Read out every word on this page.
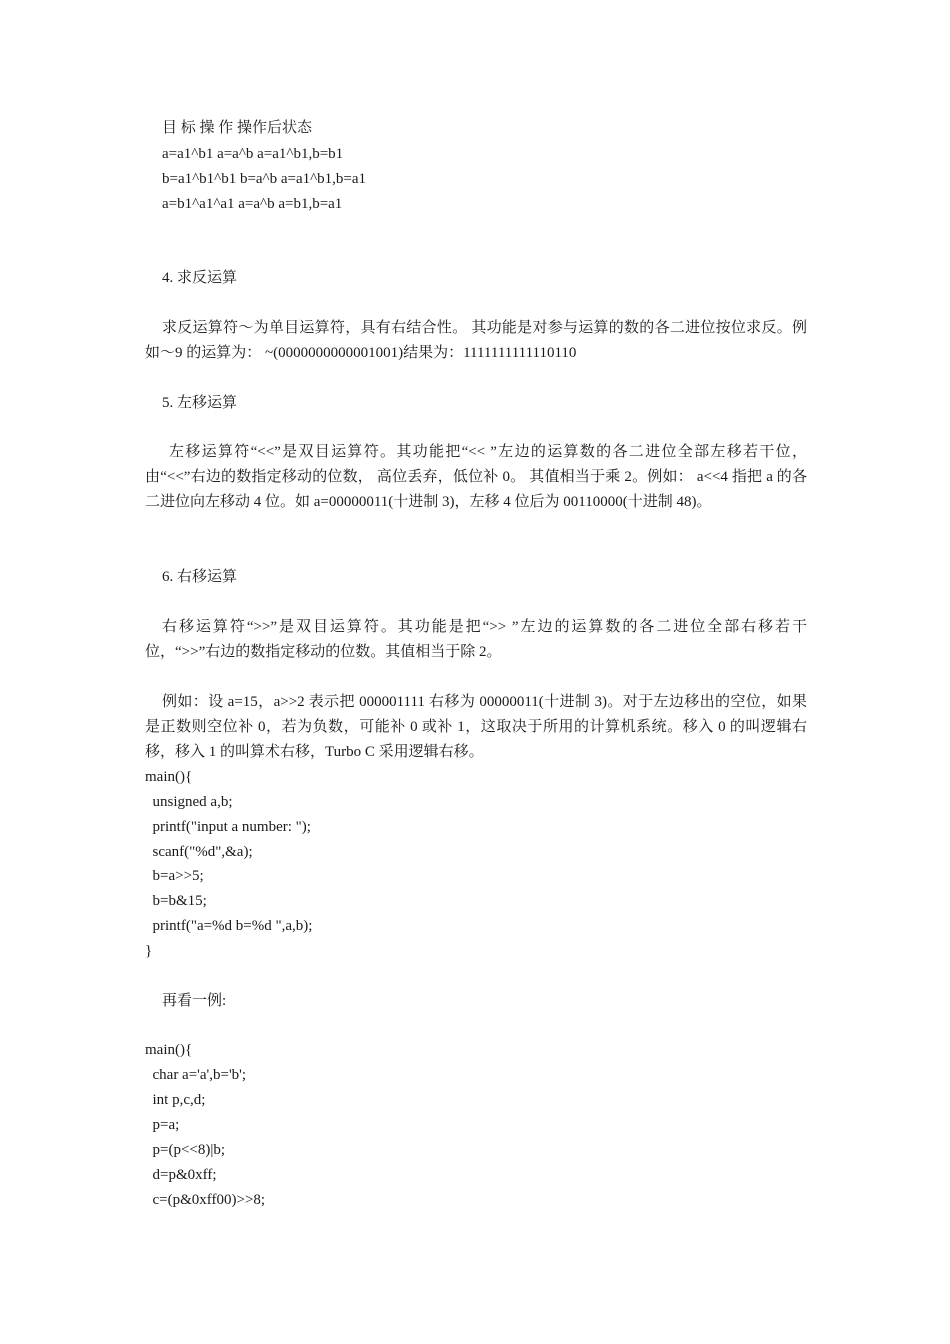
目 标 操 作 操作后状态
a=a1^b1 a=a^b a=a1^b1,b=b1
b=a1^b1^b1 b=a^b a=a1^b1,b=a1
a=b1^a1^a1 a=a^b a=b1,b=a1
4. 求反运算
求反运算符～为单目运算符，具有右结合性。 其功能是对参与运算的数的各二进位按位求反。例如～9 的运算为： ~(0000000000001001)结果为：1111111111110110
5. 左移运算
左移运算符“<<”是双目运算符。其功能把“<< ”左边的运算数的各二进位全部左移若干位，由“<<”右边的数指定移动的位数， 高位丢弃，低位补 0。 其值相当于乘 2。例如： a<<4 指把 a 的各二进位向左移动 4 位。如 a=00000011(十进制 3)，左移 4 位后为 00110000(十进制 48)。
6. 右移运算
右移运算符“>>”是双目运算符。其功能是把“>> ”左边的运算数的各二进位全部右移若干位，“>>”右边的数指定移动的位数。其值相当于除 2。
例如：设 a=15，a>>2 表示把 000001111 右移为 00000011(十进制 3)。对于左边移出的空位，如果是正数则空位补 0，若为负数，可能补 0 或补 1，这取决于所用的计算机系统。移入 0 的叫逻辑右移，移入 1 的叫算术右移，Turbo C 采用逻辑右移。
main(){
unsigned a,b;
printf("input a number: ");
scanf("%d",&a);
b=a>>5;
b=b&15;
printf("a=%d b=%d ",a,b);
}
再看一例:
main(){
char a='a',b='b';
int p,c,d;
p=a;
p=(p<<8)|b;
d=p&0xff;
c=(p&0xff00)>>8;
